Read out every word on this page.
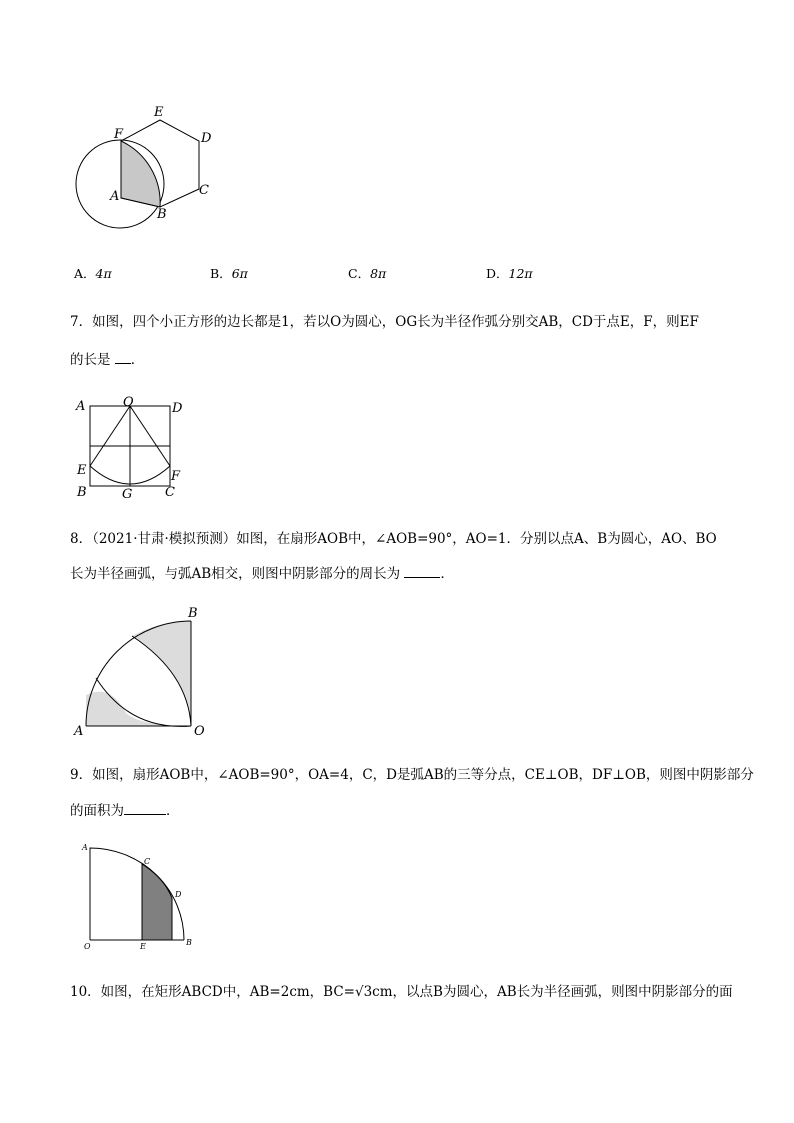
E
F	D
A	C
B
A．4π	B．6π	C．8π	D．12π
7．如图，四个小正方形的边长都是1，若以O为圆心，OG长为半径作弧分别交AB，CD于点E，F，则EF
的长是 ．
A	O	D
E	F
B	G	C
8．（2021·甘肃·模拟预测）如图，在扇形AOB中，∠AOB=90°，AO=1．分别以点A、B为圆心，AO、BO
长为半径画弧，与弧AB相交，则图中阴影部分的周长为	．
B
A	O
9．如图，扇形AOB中，∠AOB=90°，OA=4，C，D是弧AB的三等分点，CE⊥OB，DF⊥OB，则图中阴影部分
的面积为	．
A
C
D
O	E	B
10．如图，在矩形ABCD中，AB=2cm，BC=√3cm，以点B为圆心，AB长为半径画弧，则图中阴影部分的面
